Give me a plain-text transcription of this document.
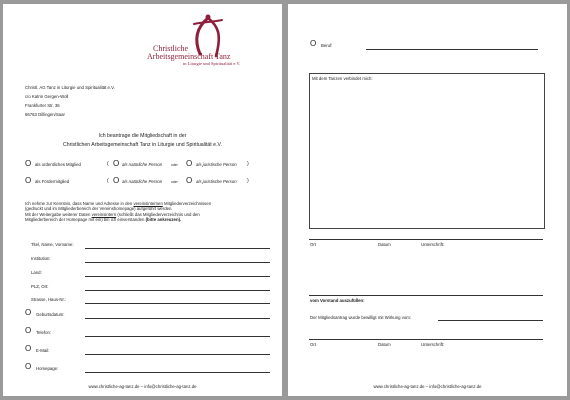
Christliche
Arbeitsgemeinschaft Tanz
in Liturgie und Spiritualität e.V.
Christl. AG Tanz in Liturgie und Spiritualität e.V.
c/o Katrin Gergen-Woll
Frankfurter Str. 36
66763 Dillingen/Saar
Ich beantrage die Mitgliedschaft in der
Christlichen Arbeitsgemeinschaft Tanz in Liturgie und Spiritualität e.V.
O als ordentliches Mitglied	( O als natürliche Person	oder O als juristische Person )
O als Fördermitglied	( O als natürliche Person	oder O als juristische Person )
Ich nehme zur Kenntnis, dass Name und Adresse in den vereinsinternen Mitgliederverzeichnissen
(gedruckt und im Mitgliederbereich der Vereinshomepage) aufgeführt werden.
Mit der Weitergabe weiterer Daten vereinsintern (schließt das Mitgliederverzeichnis und den
Mitgliederbereich der Homepage mit ein) bin ich einverstanden (bitte ankreuzen).
Titel, Name, Vorname:
Institution:
Land:
PLZ, Ort:
Strasse, Haus-Nr.:
O Geburtsdatum:
O Telefon:
O E-Mail:
O Homepage:
www.christliche-ag-tanz.de – info@christliche-ag-tanz.de
O Beruf:
Mit dem Tanzen verbindet mich:
Ort	Datum	Unterschrift:
vom Vorstand auszufüllen:
Der Mitgliedsantrag wurde bewilligt mit Wirkung vom:
Ort	Datum	Unterschrift:
www.christliche-ag-tanz.de – info@christliche-ag-tanz.de
